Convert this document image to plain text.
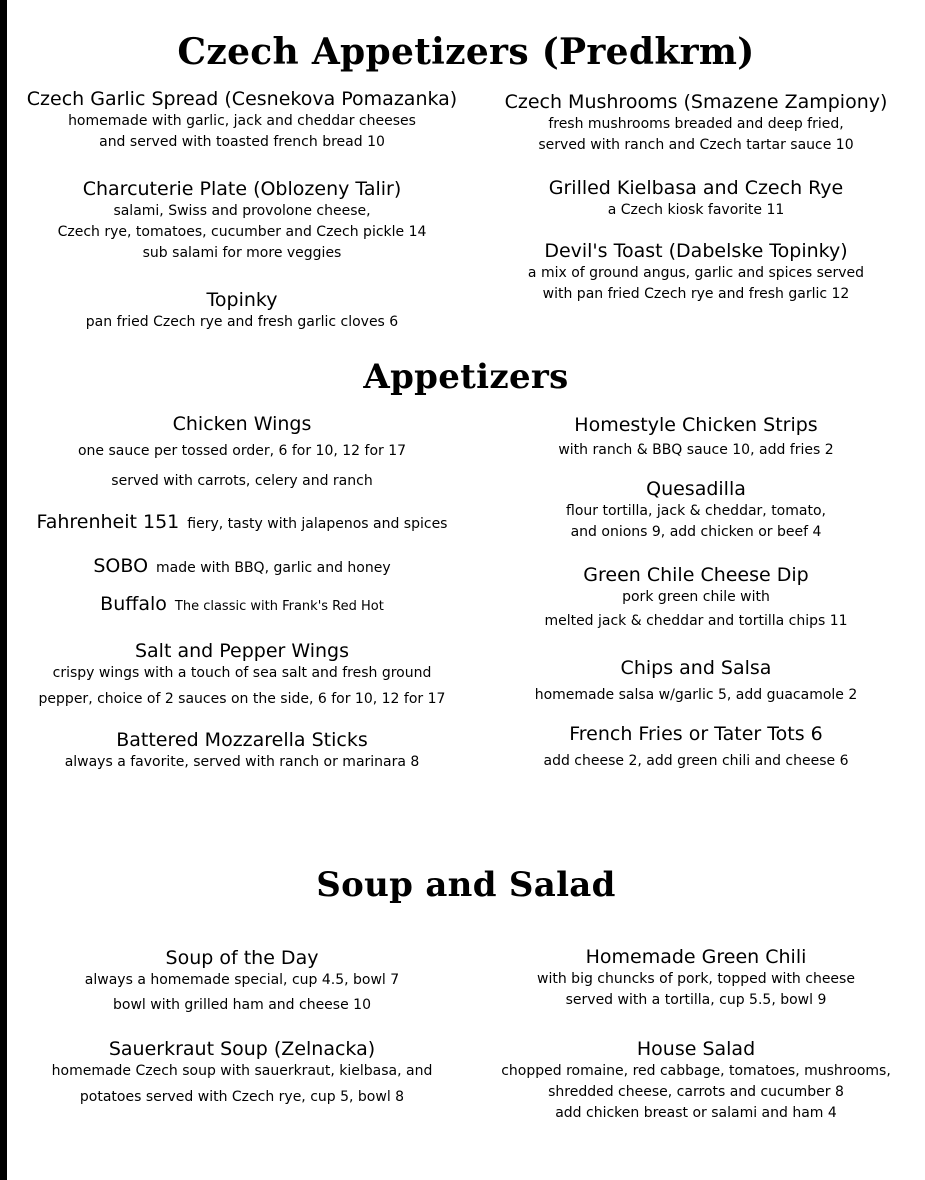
Czech Appetizers (Predkrm)

Czech Garlic Spread (Cesnekova Pomazanka)

homemade with garlic, jack and cheddar cheeses

and served with toasted french bread 10

Charcuterie Plate (Oblozeny Talir)

salami, Swiss and provolone cheese,

Czech rye, tomatoes, cucumber and Czech pickle 14

sub salami for more veggies

Topinky

pan fried Czech rye and fresh garlic cloves 6

Czech Mushrooms (Smazene Zampiony)

fresh mushrooms breaded and deep fried,

served with ranch and Czech tartar sauce 10

Grilled Kielbasa and Czech Rye

a Czech kiosk favorite 11

Devil's Toast (Dabelske Topinky)

a mix of ground angus, garlic and spices served

with pan fried Czech rye and fresh garlic 12

Appetizers

Chicken Wings

one sauce per tossed order, 6 for 10, 12 for 17

served with carrots, celery and ranch

Fahrenheit 151 fiery, tasty with jalapenos and spices

SOBO made with BBQ, garlic and honey

Buffalo The classic with Frank's Red Hot

Salt and Pepper Wings

crispy wings with a touch of sea salt and fresh ground

pepper, choice of 2 sauces on the side, 6 for 10, 12 for 17

Battered Mozzarella Sticks

always a favorite, served with ranch or marinara 8

Homestyle Chicken Strips

with ranch & BBQ sauce 10, add fries 2

Quesadilla

flour tortilla, jack & cheddar, tomato,

and onions 9, add chicken or beef 4

Green Chile Cheese Dip

pork green chile with

melted jack & cheddar and tortilla chips 11

Chips and Salsa

homemade salsa w/garlic 5, add guacamole 2

French Fries or Tater Tots 6

add cheese 2, add green chili and cheese 6

Soup and Salad

Soup of the Day

always a homemade special, cup 4.5, bowl 7

bowl with grilled ham and cheese 10

Sauerkraut Soup (Zelnacka)

homemade Czech soup with sauerkraut, kielbasa, and

potatoes served with Czech rye, cup 5, bowl 8

Homemade Green Chili

with big chuncks of pork, topped with cheese

served with a tortilla, cup 5.5, bowl 9

House Salad

chopped romaine, red cabbage, tomatoes, mushrooms,

shredded cheese, carrots and cucumber 8

add chicken breast or salami and ham 4
